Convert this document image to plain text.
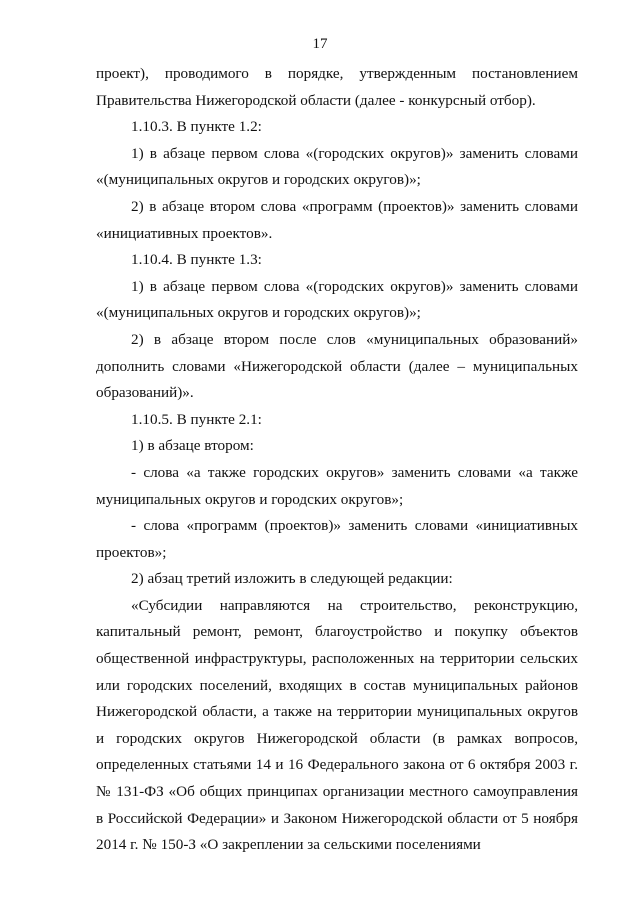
17

проект), проводимого в порядке, утвержденным постановлением Правительства Нижегородской области (далее - конкурсный отбор).

1.10.3. В пункте 1.2:

1) в абзаце первом слова «(городских округов)» заменить словами «(муниципальных округов и городских округов)»;

2) в абзаце втором слова «программ (проектов)» заменить словами «инициативных проектов».

1.10.4. В пункте 1.3:

1) в абзаце первом слова «(городских округов)» заменить словами «(муниципальных округов и городских округов)»;

2) в абзаце втором после слов «муниципальных образований» дополнить словами «Нижегородской области (далее – муниципальных образований)».

1.10.5. В пункте 2.1:

1) в абзаце втором:

- слова «а также городских округов» заменить словами «а также муниципальных округов и городских округов»;

- слова «программ (проектов)» заменить словами «инициативных проектов»;

2) абзац третий изложить в следующей редакции:

«Субсидии направляются на строительство, реконструкцию, капитальный ремонт, ремонт, благоустройство и покупку объектов общественной инфраструктуры, расположенных на территории сельских или городских поселений, входящих в состав муниципальных районов Нижегородской области, а также на территории муниципальных округов и городских округов Нижегородской области (в рамках вопросов, определенных статьями 14 и 16 Федерального закона от 6 октября 2003 г. № 131-ФЗ «Об общих принципах организации местного самоуправления в Российской Федерации» и Законом Нижегородской области от 5 ноября 2014 г. № 150-З «О закреплении за сельскими поселениями
